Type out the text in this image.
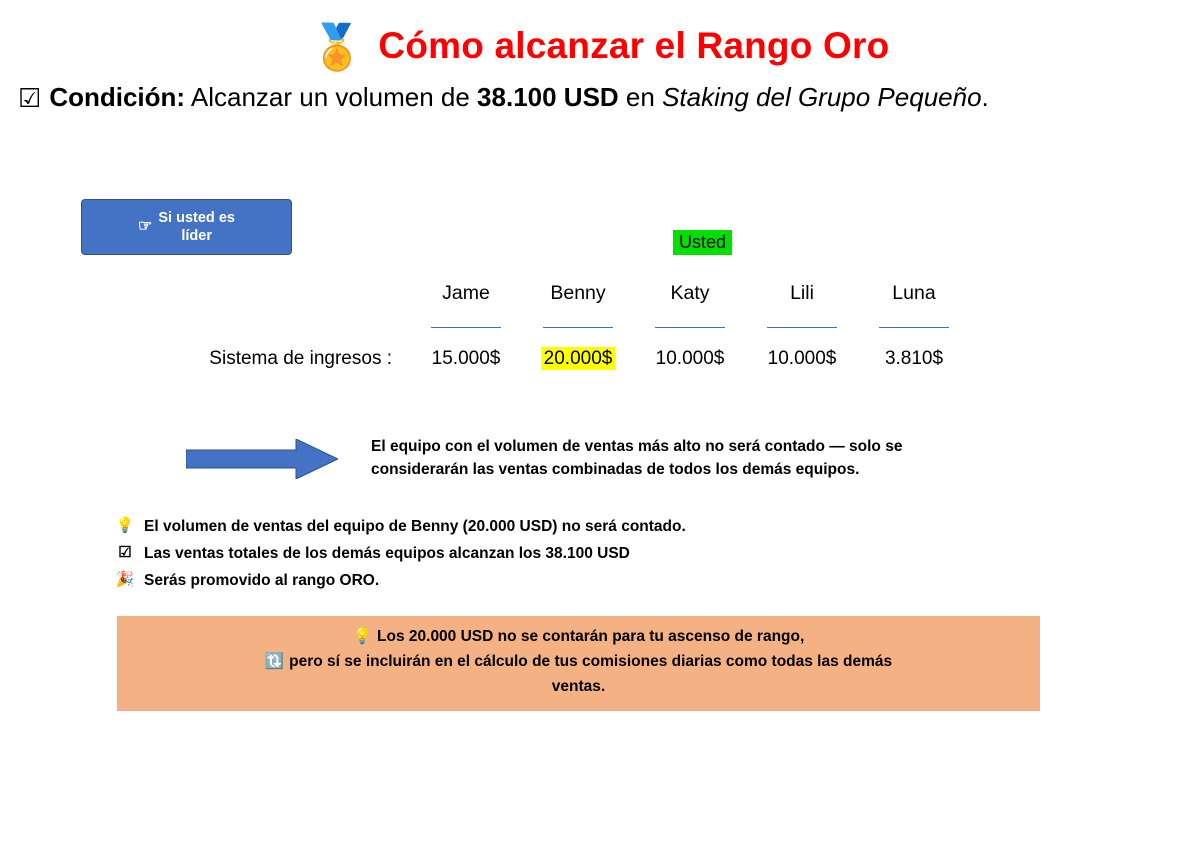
🏅 Cómo alcanzar el Rango Oro
☑ Condición: Alcanzar un volumen de 38.100 USD en Staking del Grupo Pequeño.
☞
Si usted es
líder	Usted
Jame	Benny	Katy	Lili	Luna
Sistema de ingresos :	15.000$	20.000$	10.000$	10.000$	3.810$
El equipo con el volumen de ventas más alto no será contado — solo se
considerarán las ventas combinadas de todos los demás equipos.
💡 El volumen de ventas del equipo de Benny (20.000 USD) no será contado.
☑ Las ventas totales de los demás equipos alcanzan los 38.100 USD
🎉 Serás promovido al rango ORO.
💡 Los 20.000 USD no se contarán para tu ascenso de rango,
🔃 pero sí se incluirán en el cálculo de tus comisiones diarias como todas las demás
ventas.
